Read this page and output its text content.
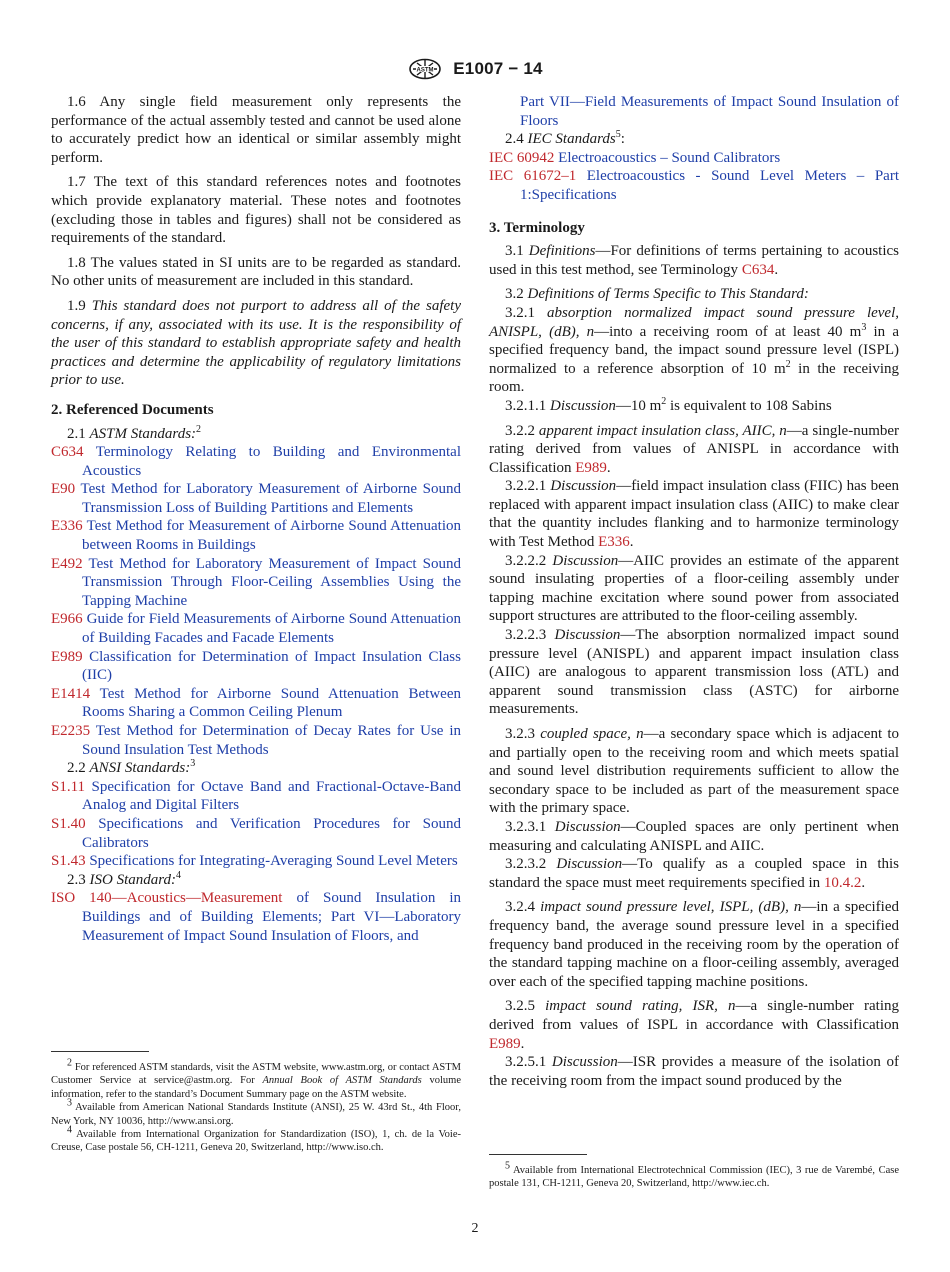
ASTM E1007 − 14

1.6 Any single field measurement only represents the performance of the actual assembly tested and cannot be used alone to accurately predict how an identical or similar assembly might perform.

1.7 The text of this standard references notes and footnotes which provide explanatory material. These notes and footnotes (excluding those in tables and figures) shall not be considered as requirements of the standard.

1.8 The values stated in SI units are to be regarded as standard. No other units of measurement are included in this standard.

1.9 This standard does not purport to address all of the safety concerns, if any, associated with its use. It is the responsibility of the user of this standard to establish appropriate safety and health practices and determine the applicability of regulatory limitations prior to use.

2. Referenced Documents

2.1 ASTM Standards:$^2$

C634 Terminology Relating to Building and Environmental Acoustics

E90 Test Method for Laboratory Measurement of Airborne Sound Transmission Loss of Building Partitions and Elements

E336 Test Method for Measurement of Airborne Sound Attenuation between Rooms in Buildings

E492 Test Method for Laboratory Measurement of Impact Sound Transmission Through Floor-Ceiling Assemblies Using the Tapping Machine

E966 Guide for Field Measurements of Airborne Sound Attenuation of Building Facades and Facade Elements

E989 Classification for Determination of Impact Insulation Class (IIC)

E1414 Test Method for Airborne Sound Attenuation Between Rooms Sharing a Common Ceiling Plenum

E2235 Test Method for Determination of Decay Rates for Use in Sound Insulation Test Methods

2.2 ANSI Standards:$^3$

S1.11 Specification for Octave Band and Fractional-Octave-Band Analog and Digital Filters

S1.40 Specifications and Verification Procedures for Sound Calibrators

S1.43 Specifications for Integrating-Averaging Sound Level Meters

2.3 ISO Standard:$^4$

ISO 140—Acoustics—Measurement of Sound Insulation in Buildings and of Building Elements; Part VI—Laboratory Measurement of Impact Sound Insulation of Floors, and

$^2$ For referenced ASTM standards, visit the ASTM website, www.astm.org, or contact ASTM Customer Service at service@astm.org. For Annual Book of ASTM Standards volume information, refer to the standard’s Document Summary page on the ASTM website.

$^3$ Available from American National Standards Institute (ANSI), 25 W. 43rd St., 4th Floor, New York, NY 10036, http://www.ansi.org.

$^4$ Available from International Organization for Standardization (ISO), 1, ch. de la Voie-Creuse, Case postale 56, CH-1211, Geneva 20, Switzerland, http://www.iso.ch.

Part VII—Field Measurements of Impact Sound Insulation of Floors

2.4 IEC Standards$^5$:

IEC 60942 Electroacoustics – Sound Calibrators

IEC 61672–1 Electroacoustics - Sound Level Meters – Part 1:Specifications

3. Terminology

3.1 Definitions—For definitions of terms pertaining to acoustics used in this test method, see Terminology C634.

3.2 Definitions of Terms Specific to This Standard:

3.2.1 absorption normalized impact sound pressure level, ANISPL, (dB), n—into a receiving room of at least 40 $m^3$ in a specified frequency band, the impact sound pressure level (ISPL) normalized to a reference absorption of 10 $m^2$ in the receiving room.

3.2.1.1 Discussion—10 $m^2$ is equivalent to 108 Sabins

3.2.2 apparent impact insulation class, AIIC, n—a single-number rating derived from values of ANISPL in accordance with Classification E989.

3.2.2.1 Discussion—field impact insulation class (FIIC) has been replaced with apparent impact insulation class (AIIC) to make clear that the quantity includes flanking and to harmonize terminology with Test Method E336.

3.2.2.2 Discussion—AIIC provides an estimate of the apparent sound insulating properties of a floor-ceiling assembly under tapping machine excitation where sound power from associated support structures are attributed to the floor-ceiling assembly.

3.2.2.3 Discussion—The absorption normalized impact sound pressure level (ANISPL) and apparent impact insulation class (AIIC) are analogous to apparent transmission loss (ATL) and apparent sound transmission class (ASTC) for airborne measurements.

3.2.3 coupled space, n—a secondary space which is adjacent to and partially open to the receiving room and which meets spatial and sound level distribution requirements sufficient to allow the secondary space to be included as part of the measurement space with the primary space.

3.2.3.1 Discussion—Coupled spaces are only pertinent when measuring and calculating ANISPL and AIIC.

3.2.3.2 Discussion—To qualify as a coupled space in this standard the space must meet requirements specified in 10.4.2.

3.2.4 impact sound pressure level, ISPL, (dB), n—in a specified frequency band, the average sound pressure level in a specified frequency band produced in the receiving room by the operation of the standard tapping machine on a floor-ceiling assembly, averaged over each of the specified tapping machine positions.

3.2.5 impact sound rating, ISR, n—a single-number rating derived from values of ISPL in accordance with Classification E989.

3.2.5.1 Discussion—ISR provides a measure of the isolation of the receiving room from the impact sound produced by the

$^5$ Available from International Electrotechnical Commission (IEC), 3 rue de Varembé, Case postale 131, CH-1211, Geneva 20, Switzerland, http://www.iec.ch.

2
